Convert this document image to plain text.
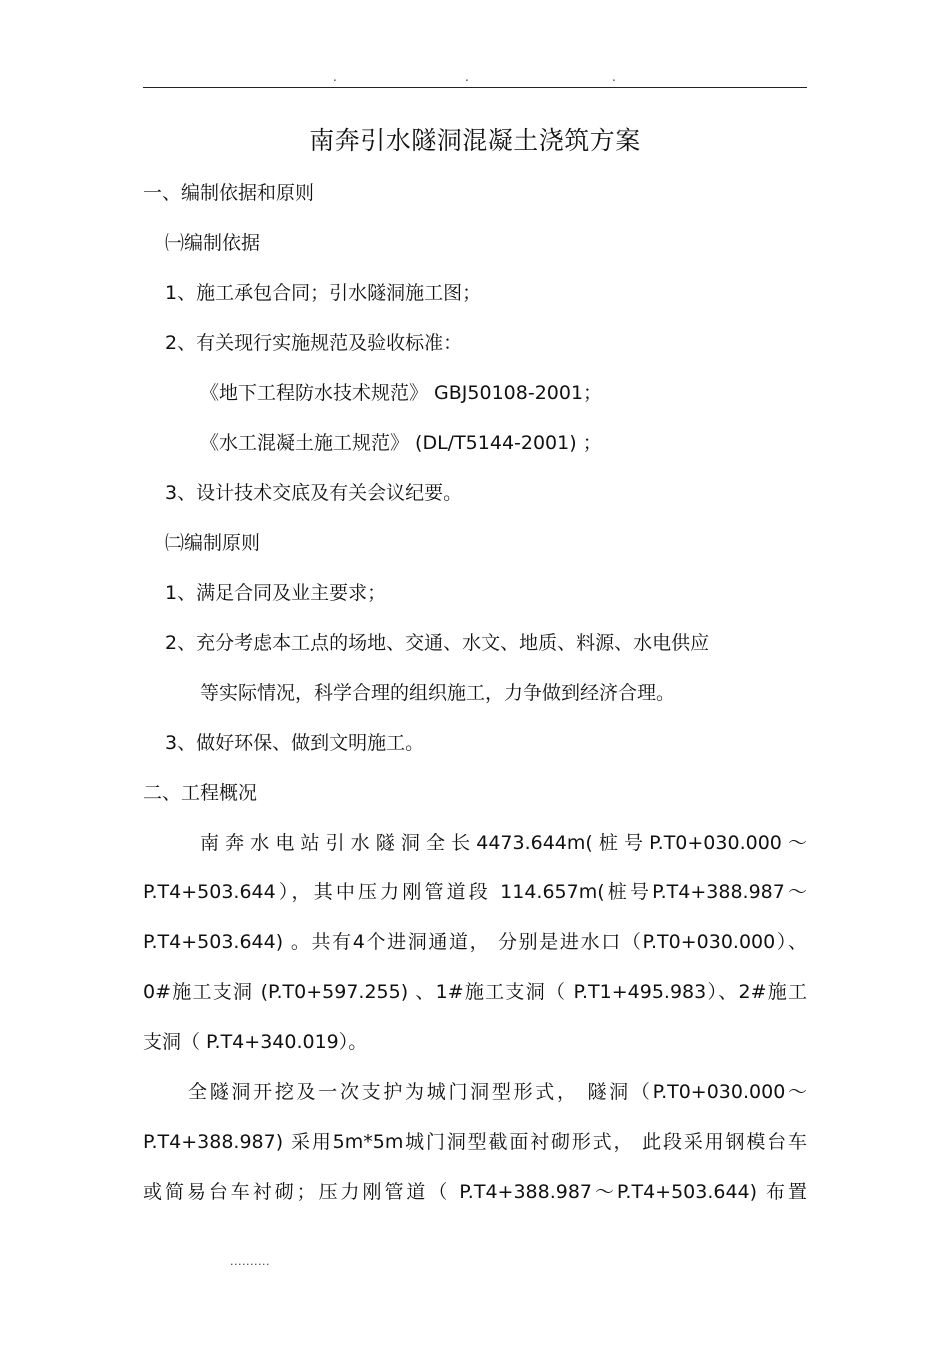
.	.	.
南奔引水隧洞混凝土浇筑方案
一、编制依据和原则
㈠编制依据
1、施工承包合同；引水隧洞施工图；
2、有关现行实施规范及验收标准：
《地下工程防水技术规范》 GBJ50108-2001；
《水工混凝土施工规范》 (DL/T5144-2001) ；
3、设计技术交底及有关会议纪要。
㈡编制原则
1、满足合同及业主要求；
2、充分考虑本工点的场地、交通、水文、地质、料源、水电供应
等实际情况，科学合理的组织施工，力争做到经济合理。
3、做好环保、做到文明施工。
二、工程概况
南奔水电站引水隧洞全长4473.644m(桩号P.T0+030.000～
P.T4+503.644），其中压力刚管道段 114.657m(桩号P.T4+388.987～
P.T4+503.644) 。共有4个进洞通道， 分别是进水口（P.T0+030.000）、
0#施工支洞 (P.T0+597.255) 、1#施工支洞（ P.T1+495.983）、2#施工
支洞（ P.T4+340.019）。
全隧洞开挖及一次支护为城门洞型形式， 隧洞（P.T0+030.000～
P.T4+388.987) 采用5m*5m城门洞型截面衬砌形式， 此段采用钢模台车
或简易台车衬砌；压力刚管道（ P.T4+388.987～P.T4+503.644) 布置
..........
